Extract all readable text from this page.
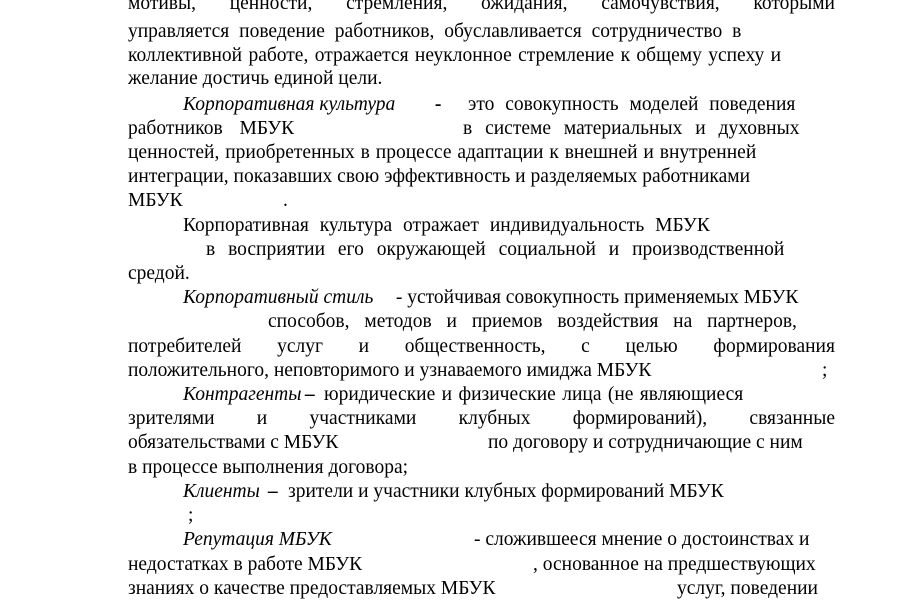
мотивы, ценности, стремления, ожидания, самочувствия, которыми
управляется поведение работников, обуславливается сотрудничество в
коллективной работе, отражается неуклонное стремление к общему успеху и
желание достичь единой цели.

Корпоративная культура

-

это совокупность моделей поведения

работников МБУК

	в системе материальных и духовных

ценностей, приобретенных в процессе адаптации к внешней и внутренней
интеграции, показавших свою эффективность и разделяемых работниками

МБУК

	.

Корпоративная культура отражает индивидуальность МБУК
в восприятии его окружающей социальной и производственной
средой.

Корпоративный стиль

- устойчивая совокупность применяемых МБУК

способов, методов и приемов воздействия на партнеров,
потребителей услуг и общественность, с целью формирования

положительного, неповторимого и узнаваемого имиджа МБУК

	;

Контрагенты

–

юридические и физические лица (не являющиеся

зрителями и участниками клубных формирований), связанные

обязательствами с МБУК

	по договору и сотрудничающие с ним

в процессе выполнения договора;

Клиенты

–

зрители и участники клубных формирований МБУК

;

Репутация МБУК

	- сложившееся мнение о достоинствах и

недостатках в работе МБУК

	, основанное на предшествующих

знаниях о качестве предоставляемых МБУК

	услуг, поведении
